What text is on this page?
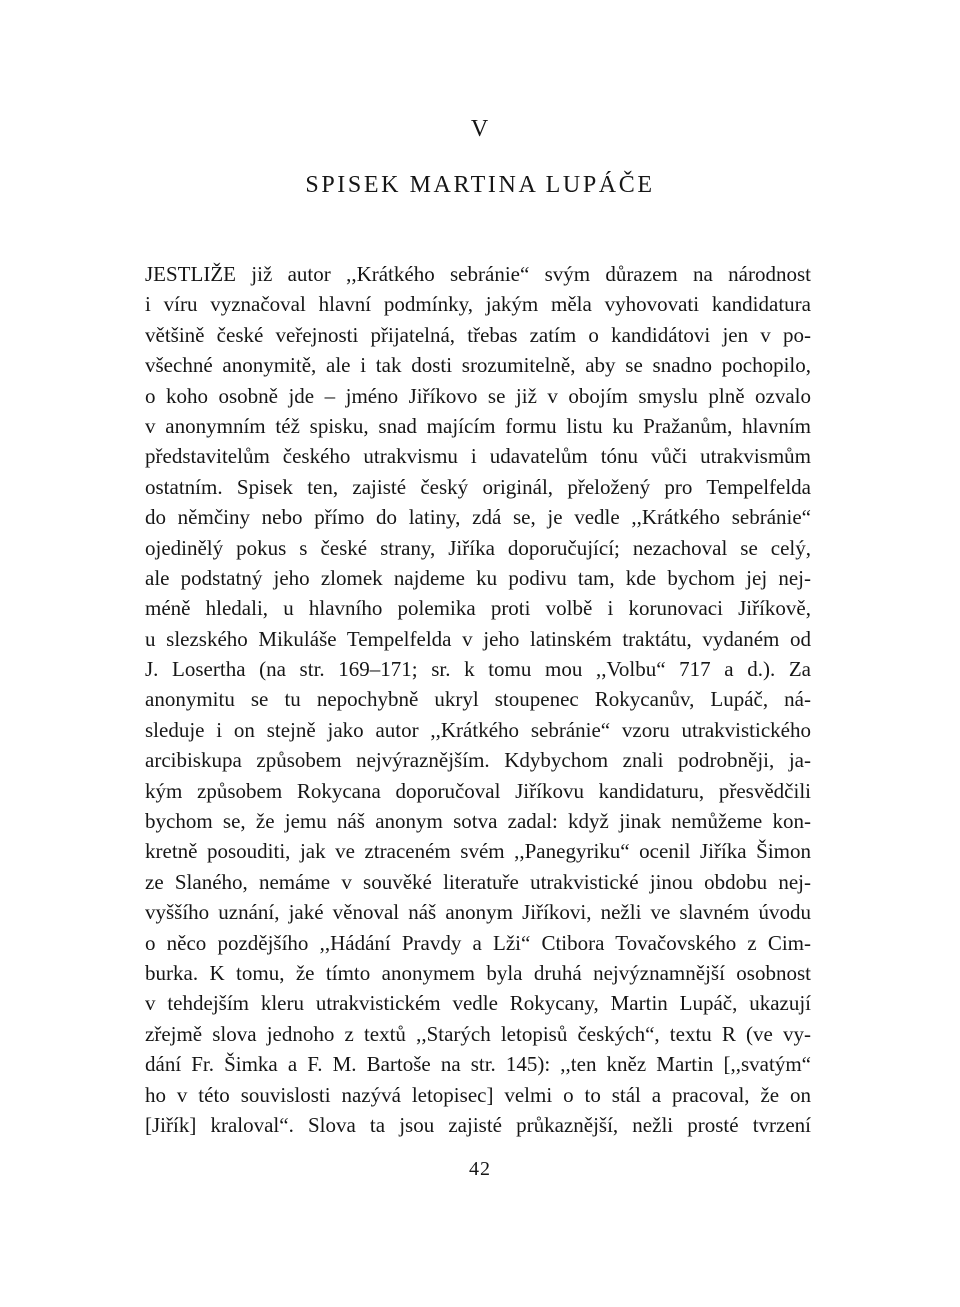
V
SPISEK MARTINA LUPÁČE
JESTLIŽE již autor ,,Krátkého sebránie“ svým důrazem na národnost
i víru vyznačoval hlavní podmínky, jakým měla vyhovovati kandidatura
většině české veřejnosti přijatelná, třebas zatím o kandidátovi jen v po-
všechné anonymitě, ale i tak dosti srozumitelně, aby se snadno pochopilo,
o koho osobně jde – jméno Jiříkovo se již v obojím smyslu plně ozvalo
v anonymním též spisku, snad majícím formu listu ku Pražanům, hlavním
představitelům českého utrakvismu i udavatelům tónu vůči utrakvismům
ostatním. Spisek ten, zajisté český originál, přeložený pro Tempelfelda
do němčiny nebo přímo do latiny, zdá se, je vedle ,,Krátkého sebránie“
ojedinělý pokus s české strany, Jiříka doporučující; nezachoval se celý,
ale podstatný jeho zlomek najdeme ku podivu tam, kde bychom jej nej-
méně hledali, u hlavního polemika proti volbě i korunovaci Jiříkově,
u slezského Mikuláše Tempelfelda v jeho latinském traktátu, vydaném od
J. Losertha (na str. 169–171; sr. k tomu mou ,,Volbu“ 717 a d.). Za
anonymitu se tu nepochybně ukryl stoupenec Rokycanův, Lupáč, ná-
sleduje i on stejně jako autor ,,Krátkého sebránie“ vzoru utrakvistického
arcibiskupa způsobem nejvýraznějším. Kdybychom znali podrobněji, ja-
kým způsobem Rokycana doporučoval Jiříkovu kandidaturu, přesvědčili
bychom se, že jemu náš anonym sotva zadal: když jinak nemůžeme kon-
kretně posouditi, jak ve ztraceném svém ,,Panegyriku“ ocenil Jiříka Šimon
ze Slaného, nemáme v souvěké literatuře utrakvistické jinou obdobu nej-
vyššího uznání, jaké věnoval náš anonym Jiříkovi, nežli ve slavném úvodu
o něco pozdějšího ,,Hádání Pravdy a Lži“ Ctibora Tovačovského z Cim-
burka. K tomu, že tímto anonymem byla druhá nejvýznamnější osobnost
v tehdejším kleru utrakvistickém vedle Rokycany, Martin Lupáč, ukazují
zřejmě slova jednoho z textů ,,Starých letopisů českých“, textu R (ve vy-
dání Fr. Šimka a F. M. Bartoše na str. 145): ,,ten kněz Martin [,,svatým“
ho v této souvislosti nazývá letopisec] velmi o to stál a pracoval, že on
[Jiřík] kraloval“. Slova ta jsou zajisté průkaznější, nežli prosté tvrzení
42
